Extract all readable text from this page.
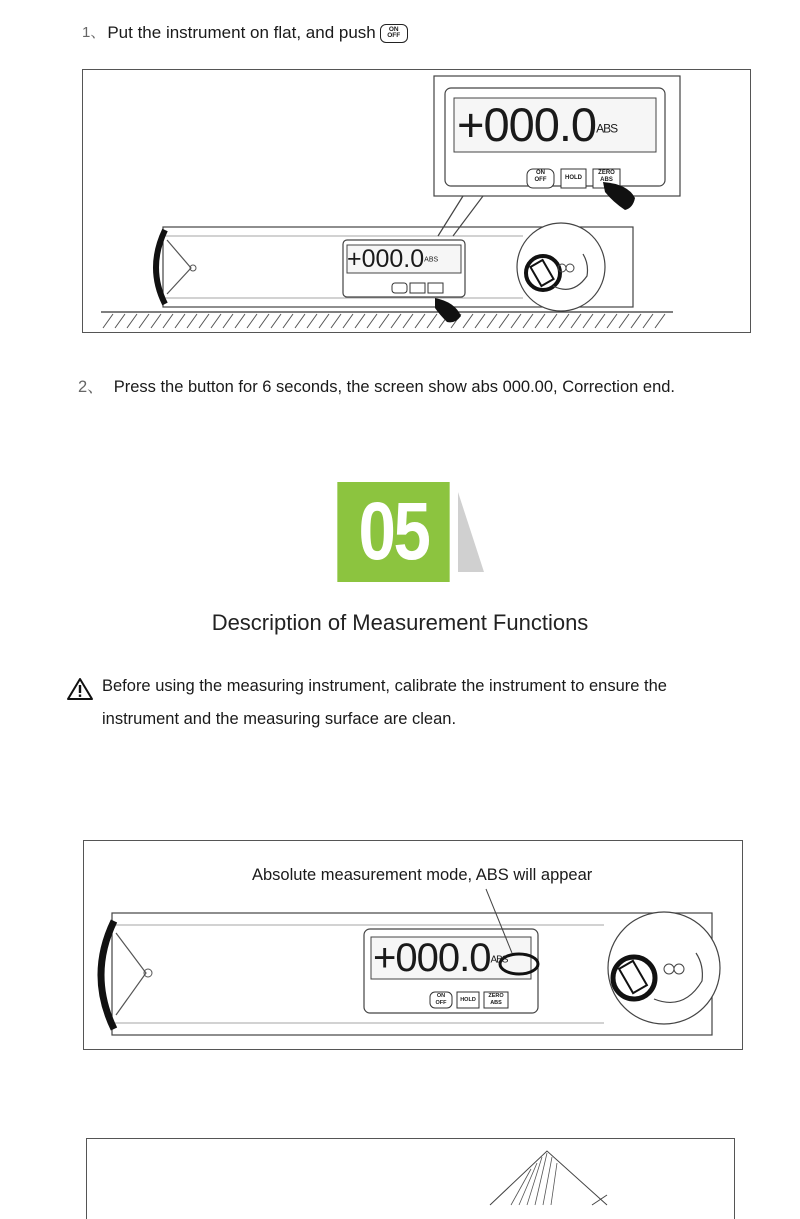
1、 Put the instrument on flat, and push ON
OFF
+000.0ABS
ON
OFF	HOLD
ZERO
ABS
+000.0ABS
2、 Press the button for 6 seconds, the screen show abs 000.00, Correction end.
05
Description of Measurement Functions
Before using the measuring instrument, calibrate the instrument to ensure the
instrument and the measuring surface are clean.
+000.0ABS
ON
OFF	HOLD
ZERO
ABS
Absolute measurement mode, ABS will appear
